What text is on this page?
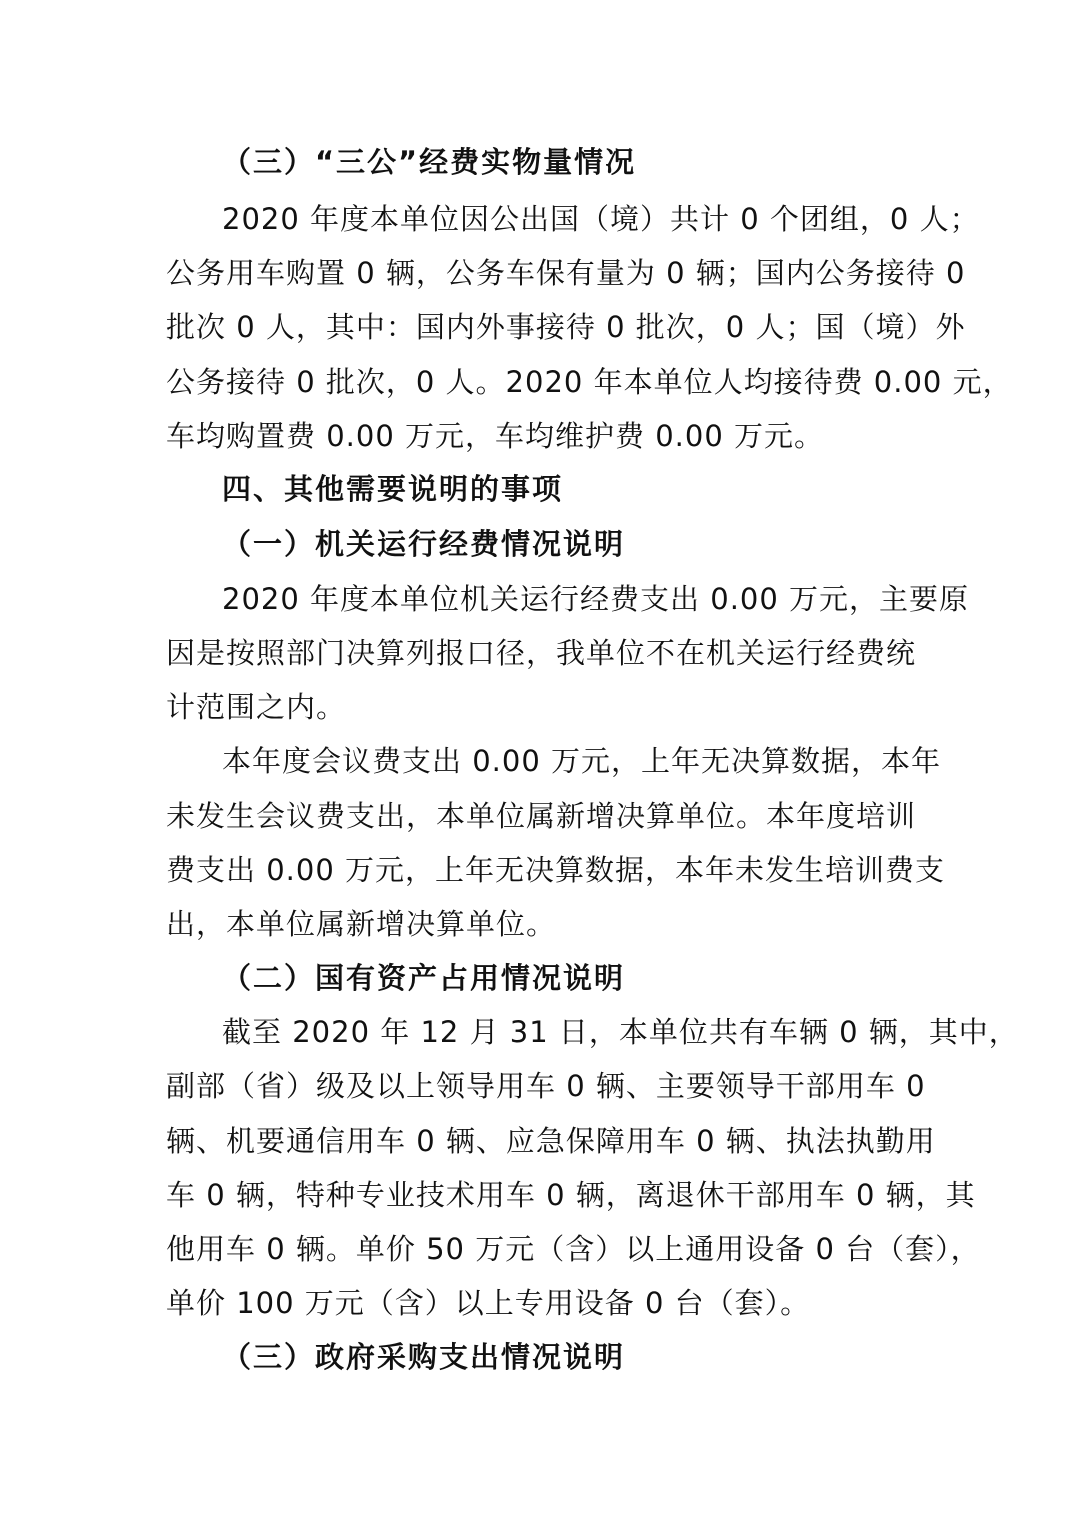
（三）“三公”经费实物量情况
2020 年度本单位因公出国（境）共计 0 个团组，0 人；
公务用车购置 0 辆，公务车保有量为 0 辆；国内公务接待 0
批次 0 人，其中：国内外事接待 0 批次，0 人；国（境）外
公务接待 0 批次，0 人。2020 年本单位人均接待费 0.00 元，
车均购置费 0.00 万元，车均维护费 0.00 万元。
四、其他需要说明的事项
（一）机关运行经费情况说明
2020 年度本单位机关运行经费支出 0.00 万元，主要原
因是按照部门决算列报口径，我单位不在机关运行经费统
计范围之内。
本年度会议费支出 0.00 万元，上年无决算数据，本年
未发生会议费支出，本单位属新增决算单位。本年度培训
费支出 0.00 万元，上年无决算数据，本年未发生培训费支
出，本单位属新增决算单位。
（二）国有资产占用情况说明
截至 2020 年 12 月 31 日，本单位共有车辆 0 辆，其中，
副部（省）级及以上领导用车 0 辆、主要领导干部用车 0
辆、机要通信用车 0 辆、应急保障用车 0 辆、执法执勤用
车 0 辆，特种专业技术用车 0 辆，离退休干部用车 0 辆，其
他用车 0 辆。单价 50 万元（含）以上通用设备 0 台（套），
单价 100 万元（含）以上专用设备 0 台（套）。
（三）政府采购支出情况说明
